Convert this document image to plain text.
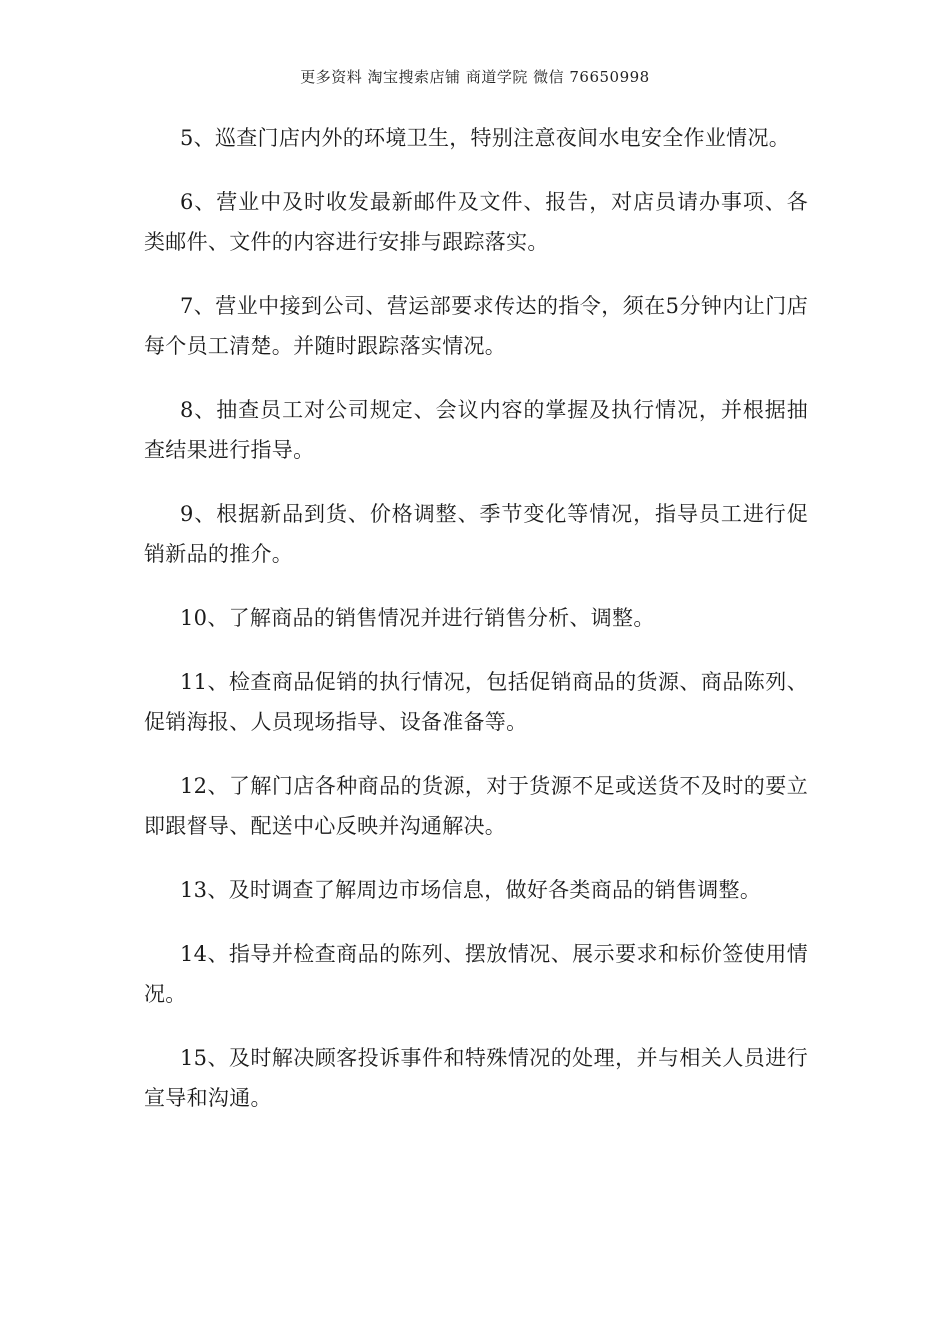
更多资料 淘宝搜索店铺 商道学院 微信 76650998

5、巡查门店内外的环境卫生，特别注意夜间水电安全作业情况。

6、营业中及时收发最新邮件及文件、报告，对店员请办事项、各类邮件、文件的内容进行安排与跟踪落实。

7、营业中接到公司、营运部要求传达的指令，须在5分钟内让门店每个员工清楚。并随时跟踪落实情况。

8、抽查员工对公司规定、会议内容的掌握及执行情况，并根据抽查结果进行指导。

9、根据新品到货、价格调整、季节变化等情况，指导员工进行促销新品的推介。

10、了解商品的销售情况并进行销售分析、调整。

11、检查商品促销的执行情况，包括促销商品的货源、商品陈列、促销海报、人员现场指导、设备准备等。

12、了解门店各种商品的货源，对于货源不足或送货不及时的要立即跟督导、配送中心反映并沟通解决。

13、及时调查了解周边市场信息，做好各类商品的销售调整。

14、指导并检查商品的陈列、摆放情况、展示要求和标价签使用情况。

15、及时解决顾客投诉事件和特殊情况的处理，并与相关人员进行宣导和沟通。
